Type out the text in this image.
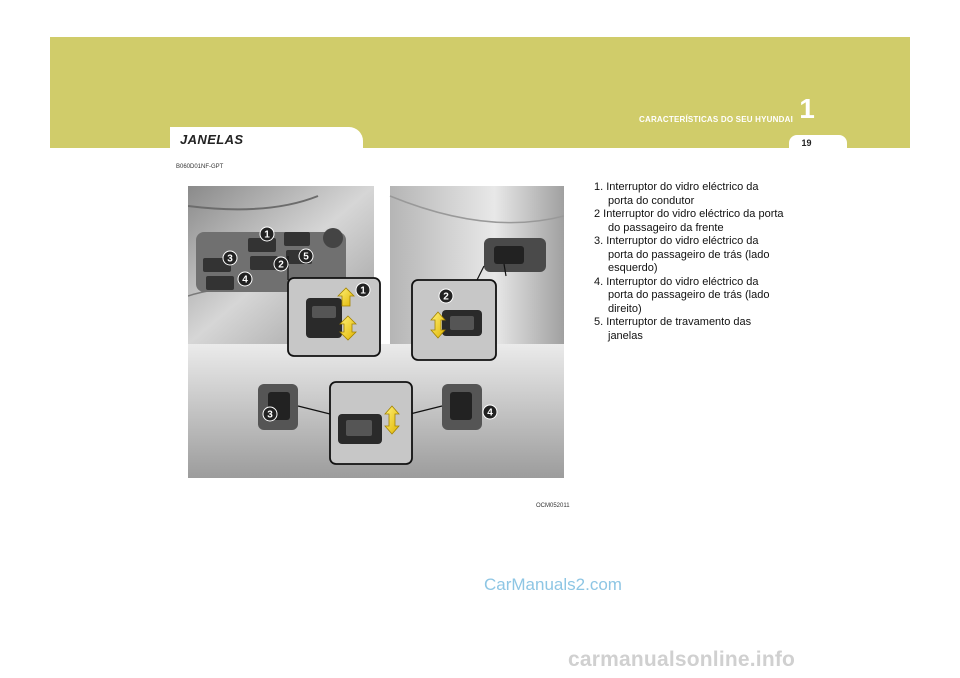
CARACTERÍSTICAS DO SEU HYUNDAI 1
19
JANELAS
B060D01NF-GPT
1
1
2
2
3
3
4
4
5
OCM052011

1. Interruptor do vidro eléctrico da porta do condutor

2 Interruptor do vidro eléctrico da porta do passageiro da frente

3. Interruptor do vidro eléctrico da porta do passageiro de trás (lado esquerdo)

4. Interruptor do vidro eléctrico da porta do passageiro de trás (lado direito)

5. Interruptor de travamento das janelas

CarManuals2.com
carmanualsonline.info
